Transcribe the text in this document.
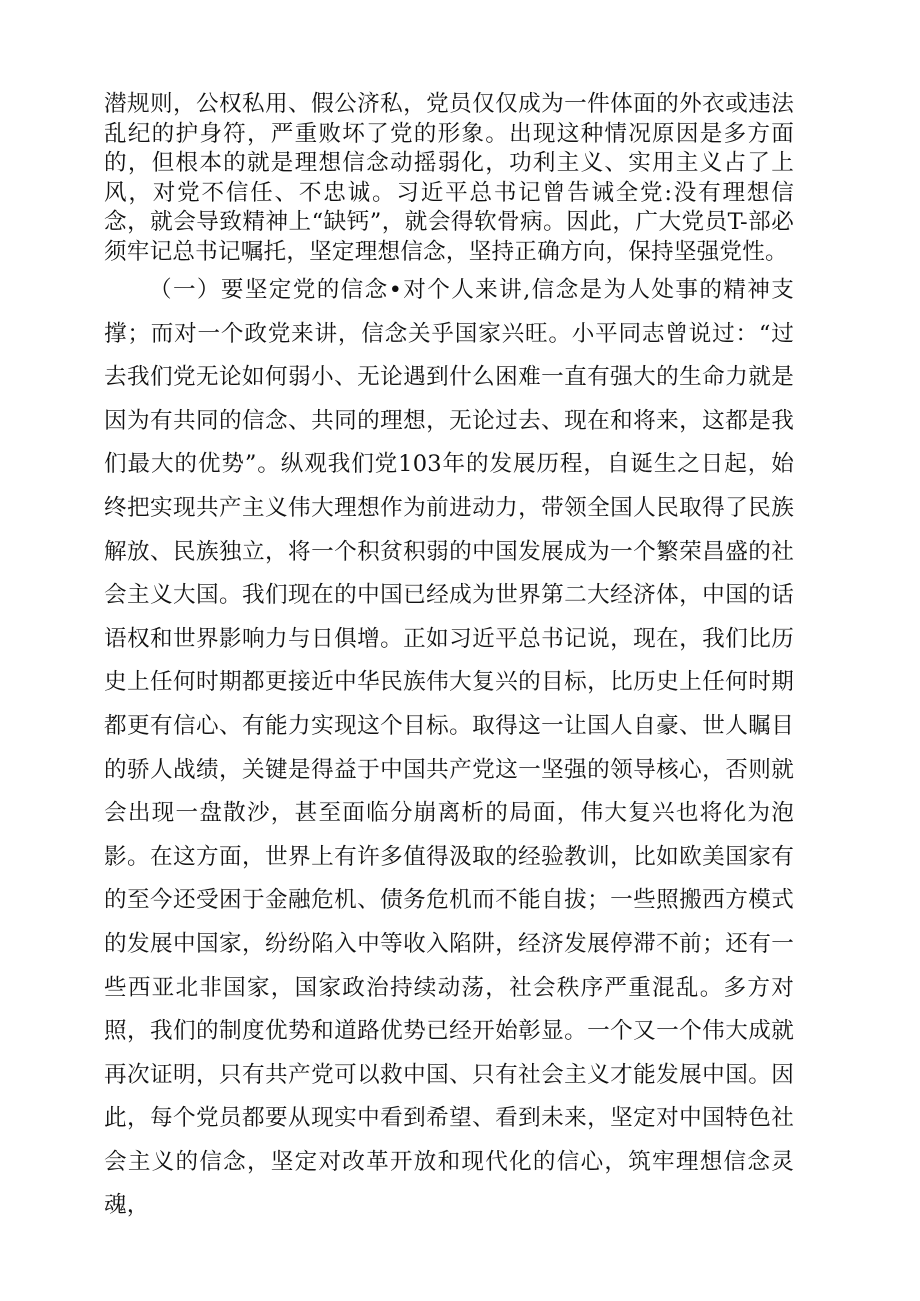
潜规则，公权私用、假公济私，党员仅仅成为一件体面的外衣或违法乱纪的护身符，严重败坏了党的形象。出现这种情况原因是多方面的，但根本的就是理想信念动摇弱化，功利主义、实用主义占了上风，对党不信任、不忠诚。习近平总书记曾告诫全党:没有理想信念，就会导致精神上“缺钙”，就会得软骨病。因此，广大党员T-部必须牢记总书记嘱托，坚定理想信念，坚持正确方向，保持坚强党性。

（一）要坚定党的信念•对个人来讲,信念是为人处事的精神支撑；而对一个政党来讲，信念关乎国家兴旺。小平同志曾说过：“过去我们党无论如何弱小、无论遇到什么困难一直有强大的生命力就是因为有共同的信念、共同的理想，无论过去、现在和将来，这都是我们最大的优势”。纵观我们党103年的发展历程，自诞生之日起，始终把实现共产主义伟大理想作为前进动力，带领全国人民取得了民族解放、民族独立，将一个积贫积弱的中国发展成为一个繁荣昌盛的社会主义大国。我们现在的中国已经成为世界第二大经济体，中国的话语权和世界影响力与日俱增。正如习近平总书记说，现在，我们比历史上任何时期都更接近中华民族伟大复兴的目标，比历史上任何时期都更有信心、有能力实现这个目标。取得这一让国人自豪、世人瞩目的骄人战绩，关键是得益于中国共产党这一坚强的领导核心，否则就会出现一盘散沙，甚至面临分崩离析的局面，伟大复兴也将化为泡影。在这方面，世界上有许多值得汲取的经验教训，比如欧美国家有的至今还受困于金融危机、债务危机而不能自拔；一些照搬西方模式的发展中国家，纷纷陷入中等收入陷阱，经济发展停滞不前；还有一些西亚北非国家，国家政治持续动荡，社会秩序严重混乱。多方对照，我们的制度优势和道路优势已经开始彰显。一个又一个伟大成就再次证明，只有共产党可以救中国、只有社会主义才能发展中国。因此，每个党员都要从现实中看到希望、看到未来，坚定对中国特色社会主义的信念，坚定对改革开放和现代化的信心，筑牢理想信念灵魂，
